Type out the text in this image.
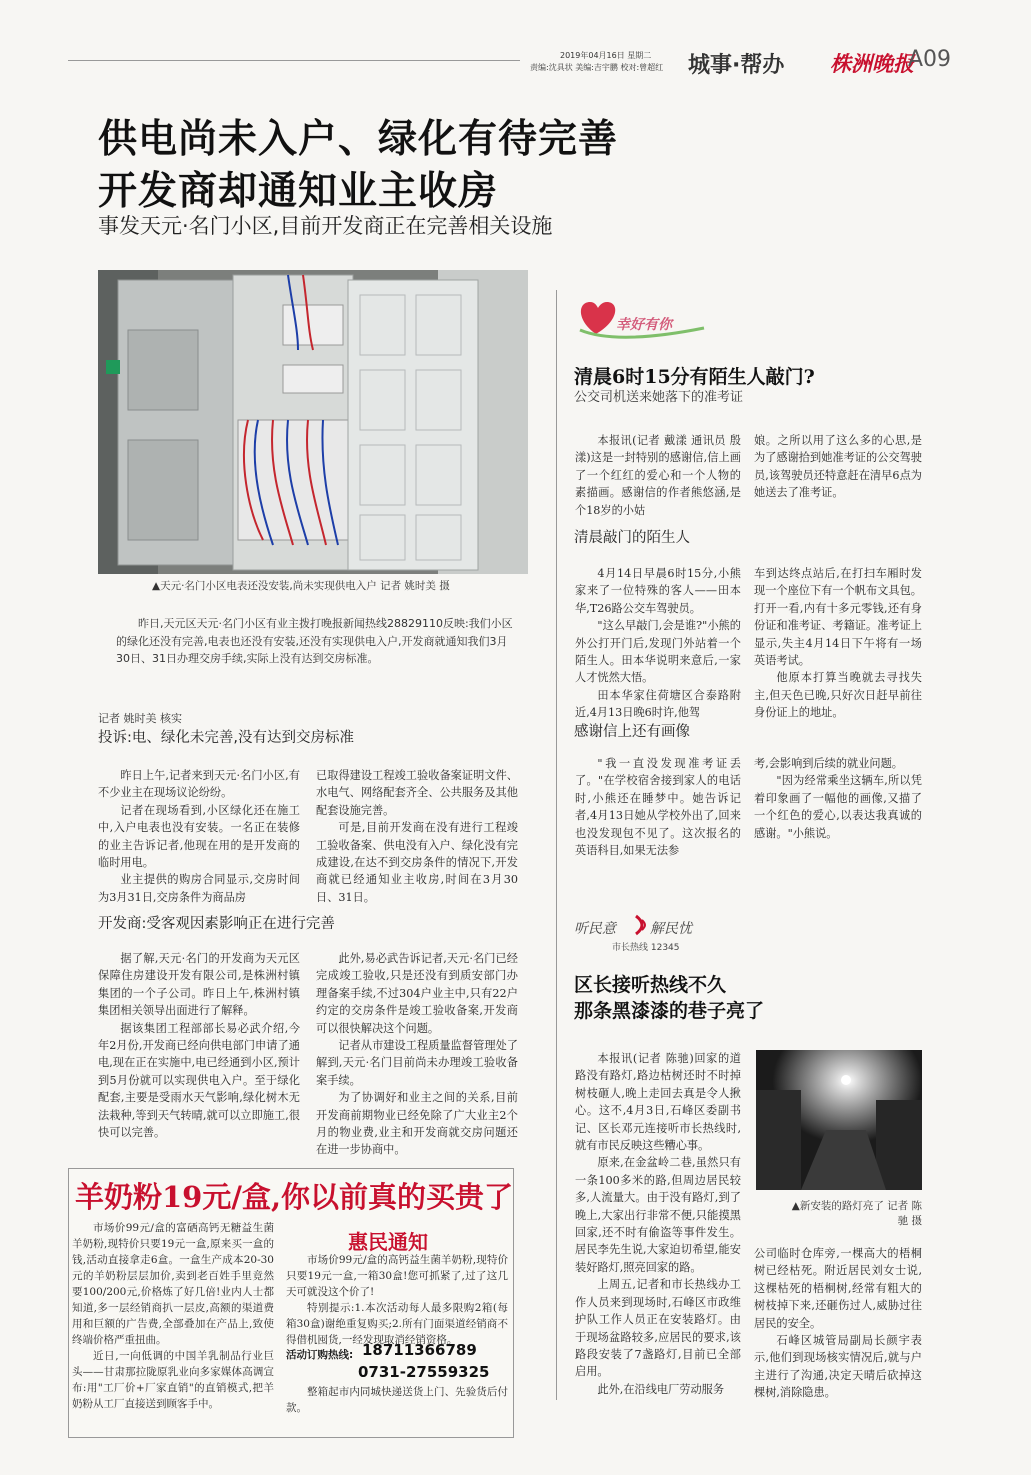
2019年04月16日 星期二
责编:沈具状 美编:吉宇鹏 校对:曾超红 城事·帮办 株洲晚报
A09
供电尚未入户、绿化有待完善
开发商却通知业主收房
事发天元·名门小区,目前开发商正在完善相关设施
▲天元·名门小区电表还没安装,尚未实现供电入户 记者 姚时美 摄

昨日,天元区天元·名门小区有业主拨打晚报新闻热线28829110反映:我们小区的绿化还没有完善,电表也还没有安装,还没有实现供电入户,开发商就通知我们3月30日、31日办理交房手续,实际上没有达到交房标准。

记者 姚时美 核实
投诉:电、绿化未完善,没有达到交房标准

昨日上午,记者来到天元·名门小区,有不少业主在现场议论纷纷。

记者在现场看到,小区绿化还在施工中,入户电表也没有安装。一名正在装修的业主告诉记者,他现在用的是开发商的临时用电。

业主提供的购房合同显示,交房时间为3月31日,交房条件为商品房

已取得建设工程竣工验收备案证明文件、水电气、网络配套齐全、公共服务及其他配套设施完善。

可是,目前开发商在没有进行工程竣工验收备案、供电没有入户、绿化没有完成建设,在达不到交房条件的情况下,开发商就已经通知业主收房,时间在3月30日、31日。

开发商:受客观因素影响正在进行完善

据了解,天元·名门的开发商为天元区保障住房建设开发有限公司,是株洲村镇集团的一个子公司。昨日上午,株洲村镇集团相关领导出面进行了解释。

据该集团工程部部长易必武介绍,今年2月份,开发商已经向供电部门申请了通电,现在正在实施中,电已经通到小区,预计到5月份就可以实现供电入户。至于绿化配套,主要是受雨水天气影响,绿化树木无法栽种,等到天气转晴,就可以立即施工,很快可以完善。

此外,易必武告诉记者,天元·名门已经完成竣工验收,只是还没有到质安部门办理备案手续,不过304户业主中,只有22户约定的交房条件是竣工验收备案,开发商可以很快解决这个问题。

记者从市建设工程质量监督管理处了解到,天元·名门目前尚未办理竣工验收备案手续。

为了协调好和业主之间的关系,目前开发商前期物业已经免除了广大业主2个月的物业费,业主和开发商就交房问题还在进一步协商中。

幸好有你
清晨6时15分有陌生人敲门?
公交司机送来她落下的准考证

本报讯(记者 戴漾 通讯员 殷漾)这是一封特别的感谢信,信上画了一个红红的爱心和一个人物的素描画。感谢信的作者熊悠涵,是个18岁的小姑

娘。之所以用了这么多的心思,是为了感谢拾到她准考证的公交驾驶员,该驾驶员还特意赶在清早6点为她送去了准考证。

清晨敲门的陌生人

4月14日早晨6时15分,小熊家来了一位特殊的客人——田本华,T26路公交车驾驶员。

"这么早敲门,会是谁?"小熊的外公打开门后,发现门外站着一个陌生人。田本华说明来意后,一家人才恍然大悟。

田本华家住荷塘区合泰路附近,4月13日晚6时许,他驾

车到达终点站后,在打扫车厢时发现一个座位下有一个帆布文具包。打开一看,内有十多元零钱,还有身份证和准考证、考籍证。准考证上显示,失主4月14日下午将有一场英语考试。

他原本打算当晚就去寻找失主,但天色已晚,只好次日赶早前往身份证上的地址。

感谢信上还有画像

"我一直没发现准考证丢了。"在学校宿舍接到家人的电话时,小熊还在睡梦中。她告诉记者,4月13日她从学校外出了,回来也没发现包不见了。这次报名的英语科目,如果无法参

考,会影响到后续的就业问题。

"因为经常乘坐这辆车,所以凭着印象画了一幅他的画像,又描了一个红色的爱心,以表达我真诚的感谢。"小熊说。

听民意 解民忧
市长热线 12345
区长接听热线不久
那条黑漆漆的巷子亮了

本报讯(记者 陈驰)回家的道路没有路灯,路边枯树还时不时掉树枝砸人,晚上走回去真是令人揪心。这不,4月3日,石峰区委副书记、区长邓元连接听市长热线时,就有市民反映这些糟心事。

原来,在金盆岭二巷,虽然只有一条100多米的路,但周边居民较多,人流量大。由于没有路灯,到了晚上,大家出行非常不便,只能摸黑回家,还不时有偷盗等事件发生。居民李先生说,大家迫切希望,能安装好路灯,照亮回家的路。

上周五,记者和市长热线办工作人员来到现场时,石峰区市政维护队工作人员正在安装路灯。由于现场盆路较多,应居民的要求,该路段安装了7盏路灯,目前已全部启用。

此外,在沿线电厂劳动服务

▲新安装的路灯亮了 记者 陈驰 摄

公司临时仓库旁,一棵高大的梧桐树已经枯死。附近居民刘女士说,这棵枯死的梧桐树,经常有粗大的树枝掉下来,还砸伤过人,威胁过往居民的安全。

石峰区城管局副局长颜宇表示,他们到现场核实情况后,就与户主进行了沟通,决定天晴后砍掉这棵树,消除隐患。

羊奶粉19元/盒,你以前真的买贵了

市场价99元/盒的富硒高钙无糖益生菌羊奶粉,现特价只要19元一盒,原来买一盒的钱,活动直接拿走6盒。一盒生产成本20-30元的羊奶粉层层加价,卖到老百姓手里竟然要100/200元,价格炼了好几倍!业内人士都知道,多一层经销商扒一层皮,高额的渠道费用和巨额的广告费,全部叠加在产品上,致使终端价格严重扭曲。

近日,一向低调的中国羊乳制品行业巨头——甘肃那拉陇原乳业向多家媒体高调宣布:用"工厂价+厂家直销"的直销模式,把羊奶粉从工厂直接送到顾客手中。

惠民通知

市场价99元/盒的高钙益生菌羊奶粉,现特价只要19元一盒,一箱30盒!您可抓紧了,过了这几天可就没这个价了!

特别提示:1.本次活动每人最多限购2箱(每箱30盒)谢绝重复购买;2.所有门面渠道经销商不得借机囤货,一经发现取消经销资格。

活动订购热线: 18711366789
0731-27559325

整箱起市内同城快递送货上门、先验货后付款。
